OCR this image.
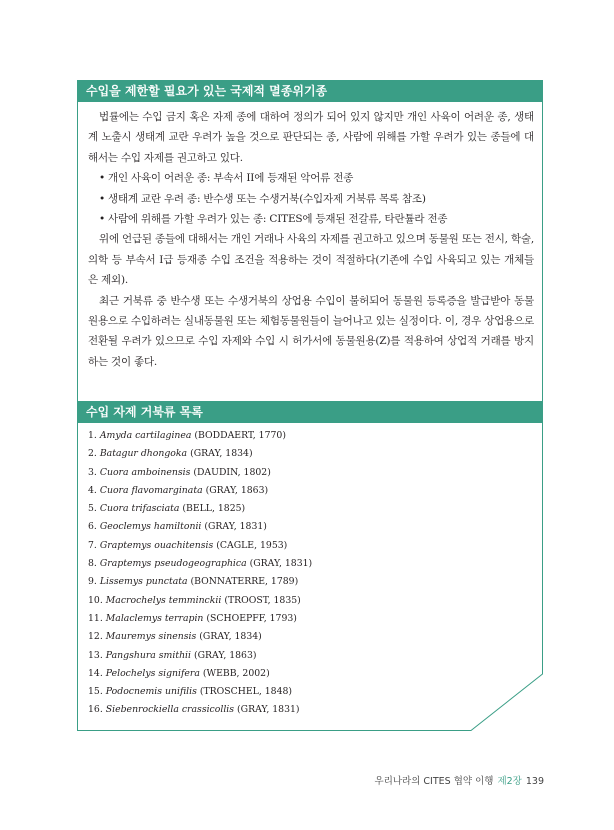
수입을 제한할 필요가 있는 국제적 멸종위기종

법률에는 수입 금지 혹은 자제 종에 대하여 정의가 되어 있지 않지만 개인 사육이 어려운 종, 생태계 노출시 생태계 교란 우려가 높을 것으로 판단되는 종, 사람에 위해를 가할 우려가 있는 종들에 대해서는 수입 자제를 권고하고 있다.

• 개인 사육이 어려운 종: 부속서 II에 등재된 악어류 전종
• 생태계 교란 우려 종: 반수생 또는 수생거북(수입자제 거북류 목록 참조)
• 사람에 위해를 가할 우려가 있는 종: CITES에 등재된 전갈류, 타란튤라 전종

위에 언급된 종들에 대해서는 개인 거래나 사육의 자제를 권고하고 있으며 동물원 또는 전시, 학술, 의학 등 부속서 I급 등재종 수입 조건을 적용하는 것이 적절하다(기존에 수입 사육되고 있는 개체들은 제외).

최근 거북류 중 반수생 또는 수생거북의 상업용 수입이 불허되어 동물원 등록증을 발급받아 동물원용으로 수입하려는 실내동물원 또는 체험동물원들이 늘어나고 있는 실정이다. 이, 경우 상업용으로 전환될 우려가 있으므로 수입 자제와 수입 시 허가서에 동물원용(Z)를 적용하여 상업적 거래를 방지하는 것이 좋다.

수입 자제 거북류 목록
1. Amyda cartilaginea (BODDAERT, 1770)
2. Batagur dhongoka (GRAY, 1834)
3. Cuora amboinensis (DAUDIN, 1802)
4. Cuora flavomarginata (GRAY, 1863)
5. Cuora trifasciata (BELL, 1825)
6. Geoclemys hamiltonii (GRAY, 1831)
7. Graptemys ouachitensis (CAGLE, 1953)
8. Graptemys pseudogeographica (GRAY, 1831)
9. Lissemys punctata (BONNATERRE, 1789)
10. Macrochelys temminckii (TROOST, 1835)
11. Malaclemys terrapin (SCHOEPFF, 1793)
12. Mauremys sinensis (GRAY, 1834)
13. Pangshura smithii (GRAY, 1863)
14. Pelochelys signifera (WEBB, 2002)
15. Podocnemis unifilis (TROSCHEL, 1848)
16. Siebenrockiella crassicollis (GRAY, 1831)
우리나라의 CITES 협약 이행 제2장 139
